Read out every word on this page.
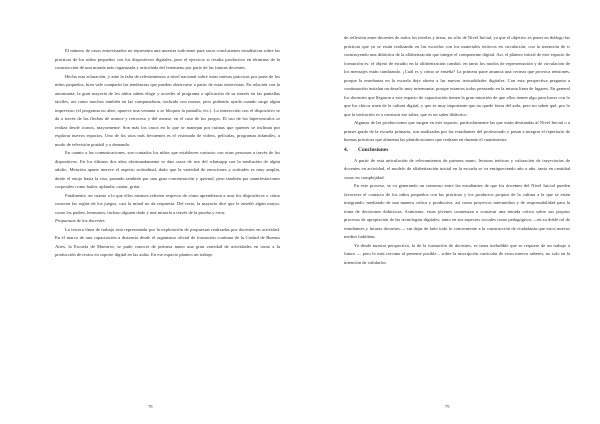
El número de casos entrevistados no representa una muestra suficiente para sacar conclusiones estadísticas sobre las prácticas de los niños pequeños con los dispositivos digitales, pero el ejercicio sí resulta productivo en términos de la construcción de una mirada más organizada y articulada del fenómeno por parte de las futuras docentes.

Hecha esta aclaración, y ante la falta de relevamientos a nivel nacional sobre estas nuevas prácticas por parte de los niños pequeños, bien vale compartir las tendencias que pueden observarse a partir de estas entrevistas. En relación con la autonomía, la gran mayoría de los niños saben elegir y acceder al programa o aplicación de su interés en las pantallas táctiles, así como muchos también en las computadoras, incluido con mouse, pero pidiendo ayuda cuando surge algún imprevisto (el programa no abre, aparece una ventana o se bloquea la pantalla, etc.). La interacción con el dispositivo se da a través de las flechas de avance y retroceso y del mouse, en el caso de los juegos. El uso de los hipervínculos se realiza desde iconos, mayormente. Son más los casos en lo que se manejan por rutinas que quienes se inclinan por explorar nuevos espacios. Uno de los usos más frecuentes es el visionado de videos, películas, programas infantiles, a modo de televisión portátil y a demanda.

En cuanto a las comunicaciones, son contados los niños que establecen contacto con otras personas a través de los dispositivos. En los últimos dos años afortunadamente se dan casos de uso del whatsapp con la mediación de algún adulto. Mención aparte merece el aspecto actitudinal, dado que la variedad de emociones y actitudes es muy amplia, desde el enojo hasta la risa, pasando también por una gran concentración y quietud, pero también por manifestaciones corporales como bailar, aplaudir, cantar, gritar.

Finalmente, en cuanto a lo que ellos mismos refieren respecto de cómo aprendieron a usar los dispositivos o cómo conocen las reglas de los juegos, casi la mitad no da respuesta. Del resto, la mayoría dice que le enseñó algún mayor, como los padres, hermanos, incluso alguien dado y una minoría a través de la prueba y error.

Propuestas de los docentes

La tercera línea de trabajo está representada por la exploración de propuestas realizadas por docentes en actividad. En el marco de una capacitación a distancia desde el organismo oficial de formación continua de la Ciudad de Buenos Aires, la Escuela de Maestros, se pudo conocer de primera mano una gran variedad de actividades en torno a la producción de textos en soporte digital en las aulas. En ese espacio planteo un trabajo

78

de reflexión entre docentes de todos los niveles y áreas, no sólo de Nivel Inicial, ya que el objetivo es poner en diálogo las prácticas que ya se están realizando en las escuelas con los materiales teóricos en circulación, con la intención de ir construyendo una didáctica de la alfabetización que integre el componente digital. Así, el planteo inicial de este espacio de formación es: el objeto de estudio en la alfabetización cambió, en tanto los modos de representación y de circulación de los mensajes están cambiando. ¿Cuál es y cómo se enseña? La primera parte anuncia una certeza que provoca tensiones, porque la enseñanza en la escuela deja afuera a las nuevas textualidades digitales. Con esta perspectiva pregunta a continuación instalan un desafío muy interesante, porque estamos todos pensando en la misma línea de lugares. En general los docentes que llegaron a este espacio de capacitación tienen la gran intuición de que ellos tienen algo para hacer con lo que los chicos traen de la cultura digital, y que es muy importante que no quede fuera del aula, pero no saben qué, por lo que la invitación es a construir ese saber, que es un saber didáctico.

Algunas de las producciones que surgen en este espacio, particularmente las que están destinadas al Nivel Inicial o a primer grado de la escuela primaria, son analizadas por las estudiantes del profesorado y pasan a integrar el repertorio de buenas prácticas que alimenta las planificaciones que realizan en durante el cuatrimestre.

4. Conclusiones

A partir de esta articulación de relevamientos de primera mano, lecturas teóricas y valoración de trayectorias de docentes en actividad, el modelo de alfabetización inicial en la escuela se va enriqueciendo año a año, tanto en cantidad como en complejidad.

En este proceso, se va generando un consenso entre las estudiantes de que los docentes del Nivel Inicial pueden favorecer el contacto de los niños pequeños con las prácticas y los productos propios de la cultura a la que se están integrando, mediando de una manera crítica y productiva, así como proyectos intermedios y de responsabilidad para la toma de decisiones didácticas. Asimismo, estas jóvenes comienzan a construir una mirada crítica sobre sus propios procesos de apropiación de las tecnologías digitales, tanto en sus aspectos sociales como pedagógicos —en su doble rol de estudiantes y futuras docentes—, sin dejar de lado todo lo concerniente a la construcción de ciudadanía que estos nuevos medios habilitan.

Ya desde nuestra perspectiva, la de la formación de docentes, es tarea ineludible que se requiere de un trabajo a futuro — pero lo más cercano al presente posible – sobre la inscripción curricular de estos nuevos saberes, no solo en la intención de validarlos

79
